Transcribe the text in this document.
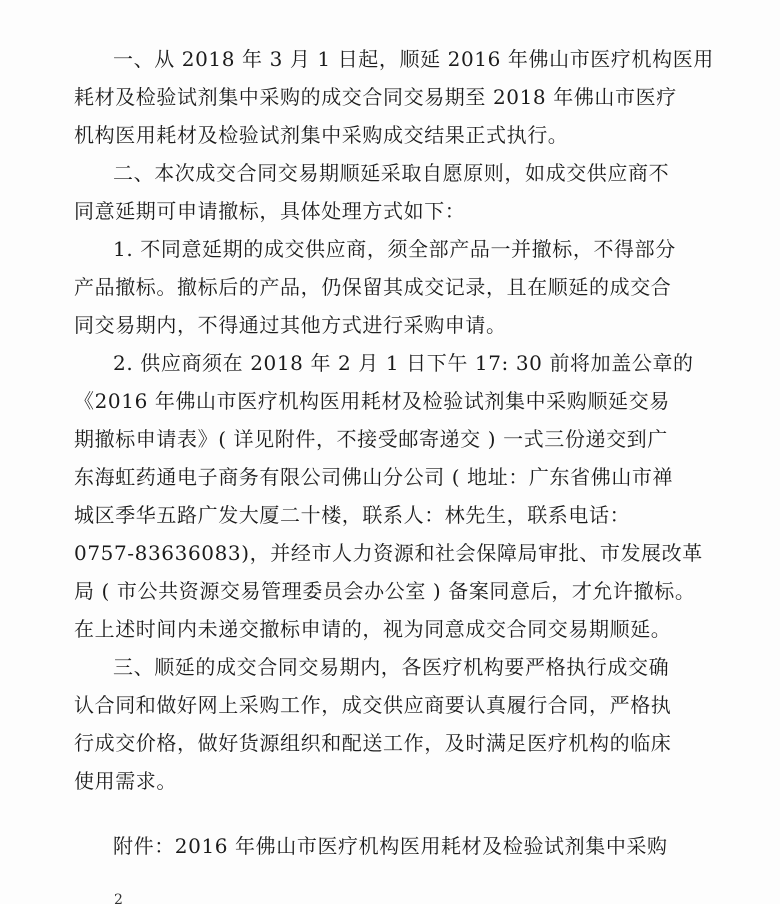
一、从 2018 年 3 月 1 日起，顺延 2016 年佛山市医疗机构医用
耗材及检验试剂集中采购的成交合同交易期至 2018 年佛山市医疗
机构医用耗材及检验试剂集中采购成交结果正式执行。
二、本次成交合同交易期顺延采取自愿原则，如成交供应商不
同意延期可申请撤标，具体处理方式如下：
1. 不同意延期的成交供应商，须全部产品一并撤标，不得部分
产品撤标。撤标后的产品，仍保留其成交记录，且在顺延的成交合
同交易期内，不得通过其他方式进行采购申请。
2. 供应商须在 2018 年 2 月 1 日下午 17: 30 前将加盖公章的
《2016 年佛山市医疗机构医用耗材及检验试剂集中采购顺延交易
期撤标申请表》( 详见附件，不接受邮寄递交 ) 一式三份递交到广
东海虹药通电子商务有限公司佛山分公司 ( 地址：广东省佛山市禅
城区季华五路广发大厦二十楼，联系人：林先生，联系电话：
0757-83636083)，并经市人力资源和社会保障局审批、市发展改革
局 ( 市公共资源交易管理委员会办公室 ) 备案同意后，才允许撤标。
在上述时间内未递交撤标申请的，视为同意成交合同交易期顺延。
三、顺延的成交合同交易期内，各医疗机构要严格执行成交确
认合同和做好网上采购工作，成交供应商要认真履行合同，严格执
行成交价格，做好货源组织和配送工作，及时满足医疗机构的临床
使用需求。
附件：2016 年佛山市医疗机构医用耗材及检验试剂集中采购
2
